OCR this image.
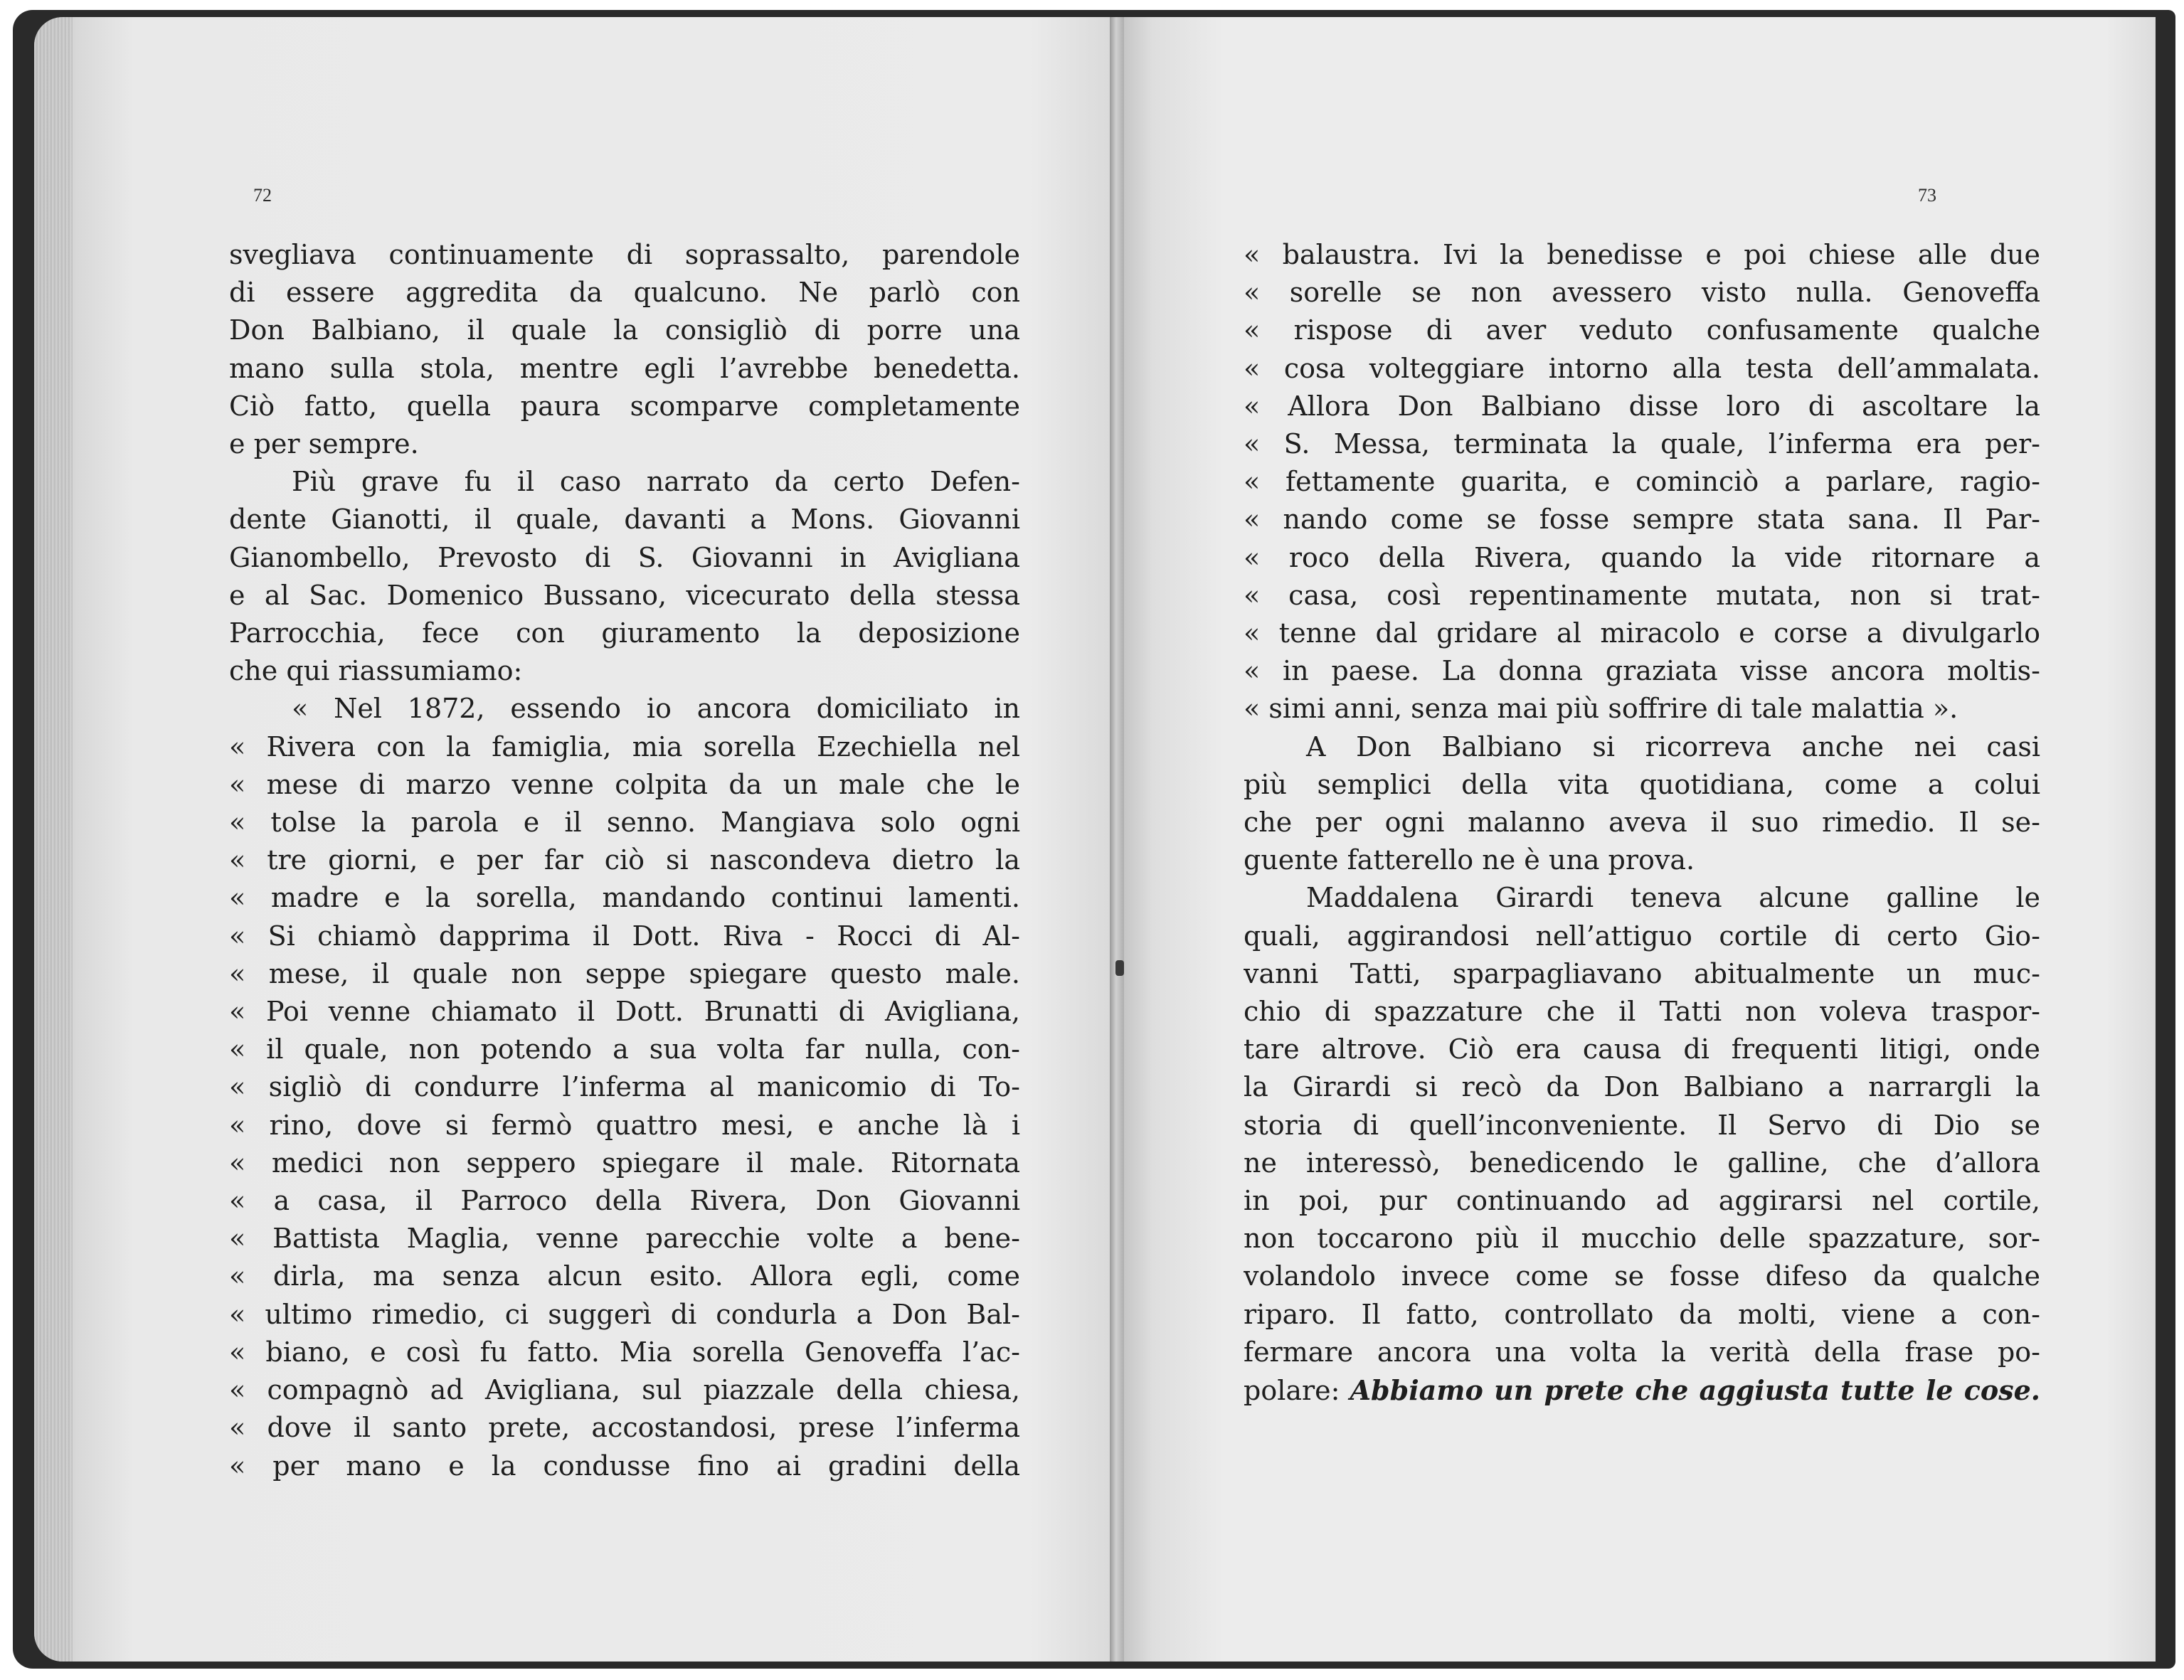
72
svegliava continuamente di soprassalto, parendole
di essere aggredita da qualcuno. Ne parlò con
Don Balbiano, il quale la consigliò di porre una
mano sulla stola, mentre egli l’avrebbe benedetta.
Ciò fatto, quella paura scomparve completamente
e per sempre.
Più grave fu il caso narrato da certo Defen-
dente Gianotti, il quale, davanti a Mons. Giovanni
Gianombello, Prevosto di S. Giovanni in Avigliana
e al Sac. Domenico Bussano, vicecurato della stessa
Parrocchia, fece con giuramento la deposizione
che qui riassumiamo:
« Nel 1872, essendo io ancora domiciliato in
« Rivera con la famiglia, mia sorella Ezechiella nel
« mese di marzo venne colpita da un male che le
« tolse la parola e il senno. Mangiava solo ogni
« tre giorni, e per far ciò si nascondeva dietro la
« madre e la sorella, mandando continui lamenti.
« Si chiamò dapprima il Dott. Riva - Rocci di Al-
« mese, il quale non seppe spiegare questo male.
« Poi venne chiamato il Dott. Brunatti di Avigliana,
« il quale, non potendo a sua volta far nulla, con-
« sigliò di condurre l’inferma al manicomio di To-
« rino, dove si fermò quattro mesi, e anche là i
« medici non seppero spiegare il male. Ritornata
« a casa, il Parroco della Rivera, Don Giovanni
« Battista Maglia, venne parecchie volte a bene-
« dirla, ma senza alcun esito. Allora egli, come
« ultimo rimedio, ci suggerì di condurla a Don Bal-
« biano, e così fu fatto. Mia sorella Genoveffa l’ac-
« compagnò ad Avigliana, sul piazzale della chiesa,
« dove il santo prete, accostandosi, prese l’inferma
« per mano e la condusse fino ai gradini della
73
« balaustra. Ivi la benedisse e poi chiese alle due
« sorelle se non avessero visto nulla. Genoveffa
« rispose di aver veduto confusamente qualche
« cosa volteggiare intorno alla testa dell’ammalata.
« Allora Don Balbiano disse loro di ascoltare la
« S. Messa, terminata la quale, l’inferma era per-
« fettamente guarita, e cominciò a parlare, ragio-
« nando come se fosse sempre stata sana. Il Par-
« roco della Rivera, quando la vide ritornare a
« casa, così repentinamente mutata, non si trat-
« tenne dal gridare al miracolo e corse a divulgarlo
« in paese. La donna graziata visse ancora moltis-
« simi anni, senza mai più soffrire di tale malattia ».
A Don Balbiano si ricorreva anche nei casi
più semplici della vita quotidiana, come a colui
che per ogni malanno aveva il suo rimedio. Il se-
guente fatterello ne è una prova.
Maddalena Girardi teneva alcune galline le
quali, aggirandosi nell’attiguo cortile di certo Gio-
vanni Tatti, sparpagliavano abitualmente un muc-
chio di spazzature che il Tatti non voleva traspor-
tare altrove. Ciò era causa di frequenti litigi, onde
la Girardi si recò da Don Balbiano a narrargli la
storia di quell’inconveniente. Il Servo di Dio se
ne interessò, benedicendo le galline, che d’allora
in poi, pur continuando ad aggirarsi nel cortile,
non toccarono più il mucchio delle spazzature, sor-
volandolo invece come se fosse difeso da qualche
riparo. Il fatto, controllato da molti, viene a con-
fermare ancora una volta la verità della frase po-
polare: Abbiamo un prete che aggiusta tutte le cose.
